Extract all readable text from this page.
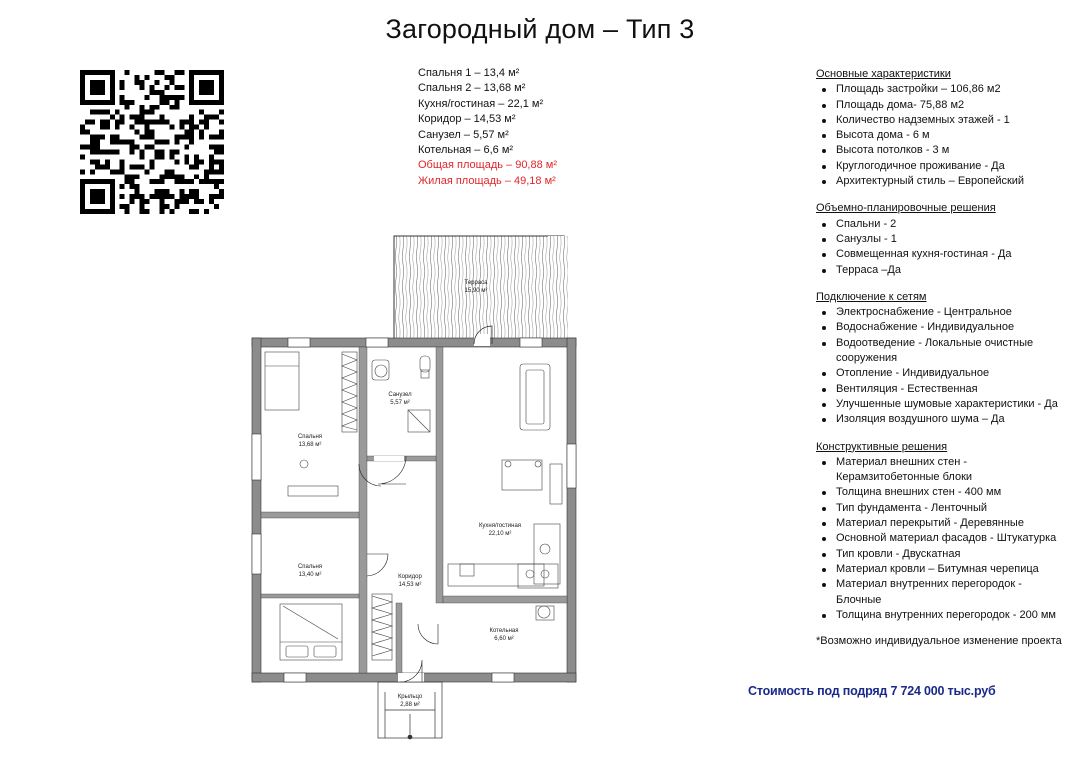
Загородный дом – Тип 3
Спальня 1 – 13,4 м²
Спальня 2 – 13,68 м²
Кухня/гостиная – 22,1 м²
Коридор – 14,53 м²
Санузел – 5,57 м²
Котельная – 6,6 м²
Общая площадь – 90,88 м²
Жилая площадь – 49,18 м²
Основные характеристики
Площадь застройки – 106,86 м2
Площадь дома- 75,88 м2
Количество надземных этажей - 1
Высота дома - 6 м
Высота потолков - 3 м
Круглогодичное проживание - Да
Архитектурный стиль – Европейский
Объемно-планировочные решения
Спальни - 2
Санузлы - 1
Совмещенная кухня-гостиная - Да
Терраса –Да
Подключение к сетям
Электроснабжение - Центральное
Водоснабжение - Индивидуальное
Водоотведение - Локальные очистные сооружения
Отопление - Индивидуальное
Вентиляция - Естественная
Улучшенные шумовые характеристики - Да
Изоляция воздушного шума – Да
Конструктивные решения
Материал внешних стен - Керамзитобетонные блоки
Толщина внешних стен - 400 мм
Тип фундамента - Ленточный
Материал перекрытий - Деревянные
Основной материал фасадов - Штукатурка
Тип кровли - Двускатная
Материал кровли – Битумная черепица
Материал внутренних перегородок - Блочные
Толщина внутренних перегородок - 200 мм
*Возможно индивидуальное изменение проекта
Стоимость под подряд 7 724 000 тыс.руб
Терраса
15,90 м²
Санузел
5,57 м²
Спальня
13,68 м²
Спальня
13,40 м²
Кухня/гостиная
22,10 м²
Коридор
14,53 м²
Котельная
6,60 м²
Крыльцо
2,88 м²
